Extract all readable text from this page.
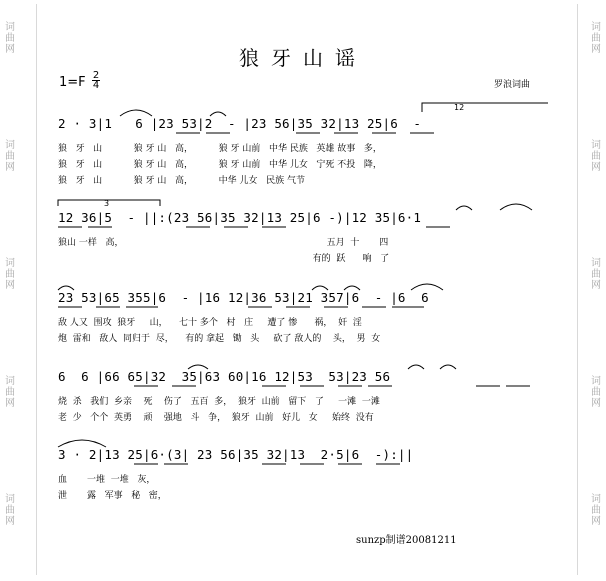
词曲网
词曲网
词曲网
词曲网
词曲网
词曲网
词曲网
词曲网
词曲网
词曲网
狼牙山谣
1=F 2
4	罗浪词曲
2 · 3|1   6 |23 53|2  - |23 56|35 32|13 25|6  -
狼   牙   山           狼 牙 山   高，         狼 牙 山前   中华 民族   英雄 故事   多，
狼   牙   山           狼 牙 山   高，         狼 牙 山前   中华 儿女   宁死 不投   降，
狼   牙   山           狼 牙 山   高，         中华 儿女   民族 气节
12 36|5  - ||:(23 56|35 32|13 25|6 -)|12 35|6·1
狼山 一样   高，                                                                       五月  十       四
有的  跃      响   了
23 53|65 355|6  - |16 12|36 53|21 357|6  - |6  6
敌 人又  围攻  狼牙     山，    七十 多个   村   庄     遭了 惨      祸，  奸  淫
炮  雷和   敌人  同归于  尽，    有的 拿起   锄   头     砍了 敌人的    头，  男  女
6  6 |66 65|32  35|63 60|16 12|53  53|23 56
烧  杀   我们  乡亲    死    伤了   五百  多，  狼牙  山前   留下   了     一滩  一滩
老  少   个个  英勇    顽    强地   斗   争，  狼牙  山前   好儿   女     始终  没有
3 · 2|13 25|6·(3| 23 56|35 32|13  2·5|6  -):||
血       一堆  一堆   灰，
泄       露   军事   秘   密，
sunzp制谱20081211
12
3
